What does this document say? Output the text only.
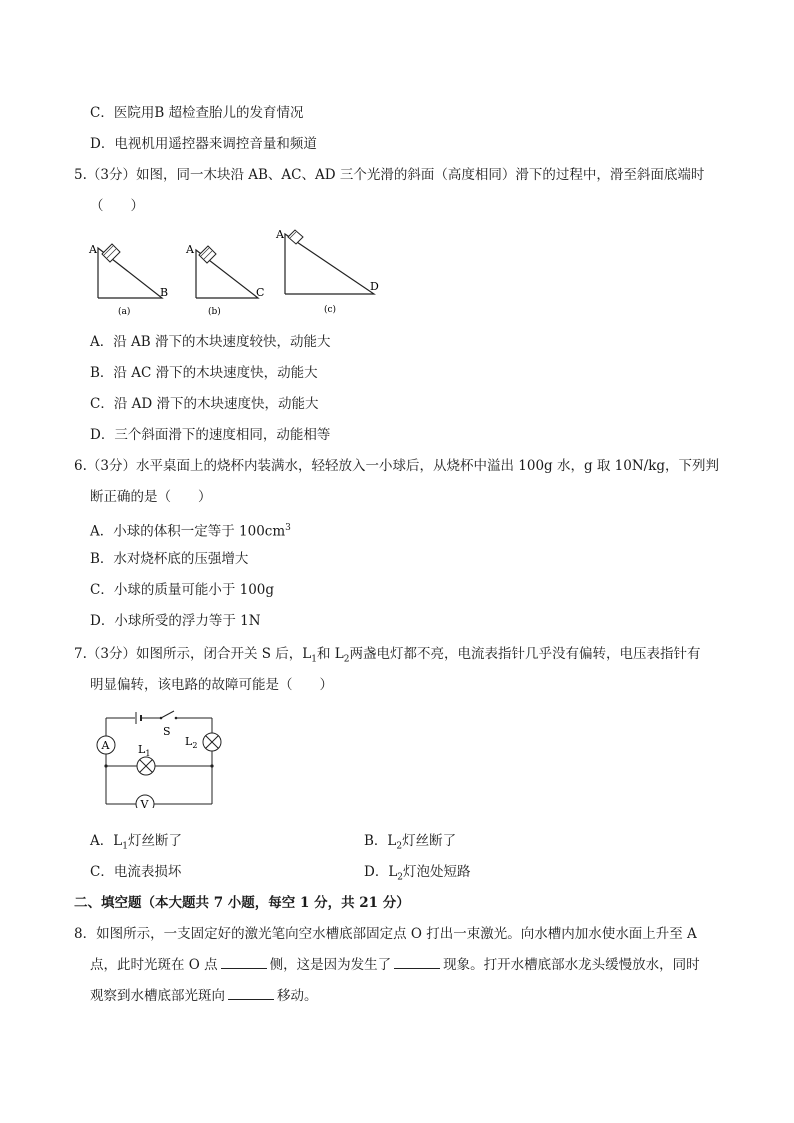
C．医院用B 超检查胎儿的发育情况
D．电视机用遥控器来调控音量和频道
5.（3分）如图，同一木块沿 AB、AC、AD 三个光滑的斜面（高度相同）滑下的过程中，滑至斜面底端时
（　　）
A
B
(a)
A
C
(b)
A
D
(c)
A．沿 AB 滑下的木块速度较快，动能大
B．沿 AC 滑下的木块速度快，动能大
C．沿 AD 滑下的木块速度快，动能大
D．三个斜面滑下的速度相同，动能相等
6.（3分）水平桌面上的烧杯内装满水，轻轻放入一小球后，从烧杯中溢出 100g 水，g 取 10N/kg，下列判
断正确的是（　　）
A．小球的体积一定等于 $100cm^3$
B．水对烧杯底的压强增大
C．小球的质量可能小于 100g
D．小球所受的浮力等于 1N
7.（3分）如图所示，闭合开关 S 后，$L_1$和 $L_2$两盏电灯都不亮，电流表指针几乎没有偏转，电压表指针有
明显偏转，该电路的故障可能是（　　）
S
A	$L_2$
$L_1$
V
A．$L_1$灯丝断了	B．$L_2$灯丝断了
C．电流表损坏	D．$L_2$灯泡处短路
二、填空题（本大题共 7 小题，每空 1 分，共 21 分）
8．如图所示，一支固定好的激光笔向空水槽底部固定点 O 打出一束激光。向水槽内加水使水面上升至 A
点，此时光斑在 O 点	侧，这是因为发生了	现象。打开水槽底部水龙头缓慢放水，同时
观察到水槽底部光斑向	移动。
